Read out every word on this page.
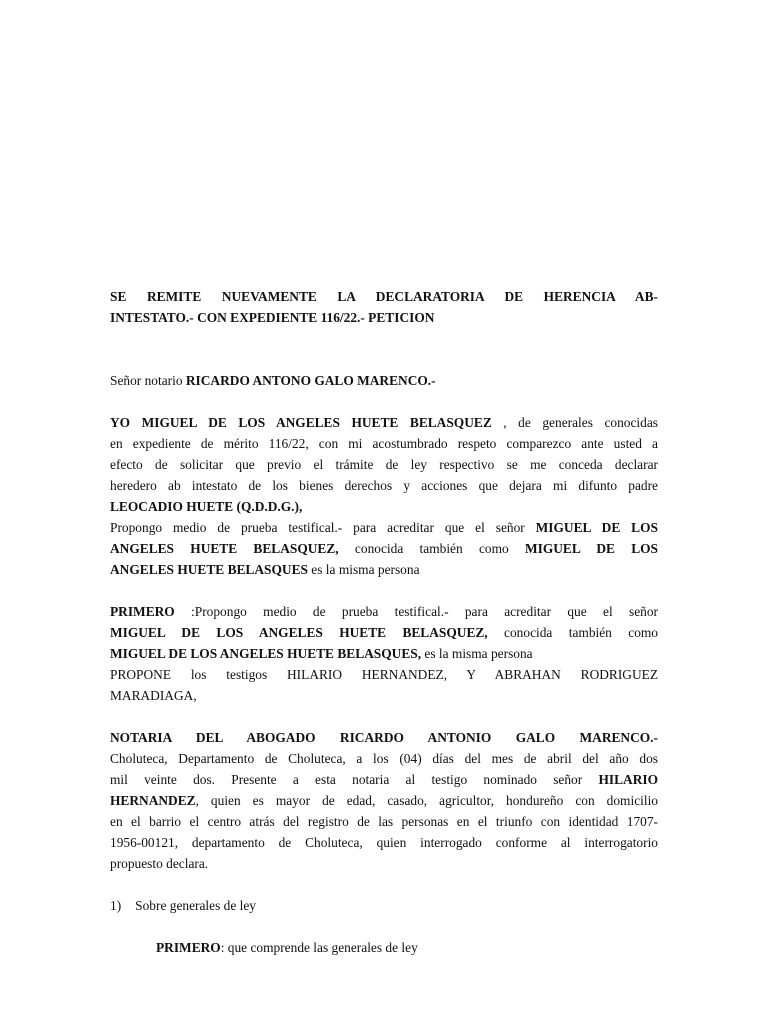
SE REMITE NUEVAMENTE LA DECLARATORIA DE HERENCIA AB-
INTESTATO.- CON EXPEDIENTE 116/22.- PETICION
Señor notario RICARDO ANTONO GALO MARENCO.-
YO MIGUEL DE LOS ANGELES HUETE BELASQUEZ , de generales conocidas
en expediente de mérito 116/22, con mi acostumbrado respeto comparezco ante usted a
efecto de solicitar que previo el trámite de ley respectivo se me conceda declarar
heredero ab intestato de los bienes derechos y acciones que dejara mi difunto padre
LEOCADIO HUETE (Q.D.D.G.),
Propongo medio de prueba testifical.- para acreditar que el señor MIGUEL DE LOS
ANGELES HUETE BELASQUEZ, conocida también como MIGUEL DE LOS
ANGELES HUETE BELASQUES es la misma persona
PRIMERO :Propongo medio de prueba testifical.- para acreditar que el señor
MIGUEL DE LOS ANGELES HUETE BELASQUEZ, conocida también como
MIGUEL DE LOS ANGELES HUETE BELASQUES, es la misma persona
PROPONE los testigos HILARIO HERNANDEZ, Y ABRAHAN RODRIGUEZ
MARADIAGA,
NOTARIA DEL ABOGADO RICARDO ANTONIO GALO MARENCO.-
Choluteca, Departamento de Choluteca, a los (04) días del mes de abril del año dos
mil veinte dos. Presente a esta notaria al testigo nominado señor HILARIO
HERNANDEZ, quien es mayor de edad, casado, agricultor, hondureño con domicilio
en el barrio el centro atrás del registro de las personas en el triunfo con identidad 1707-
1956-00121, departamento de Choluteca, quien interrogado conforme al interrogatorio
propuesto declara.
1) Sobre generales de ley
PRIMERO: que comprende las generales de ley
